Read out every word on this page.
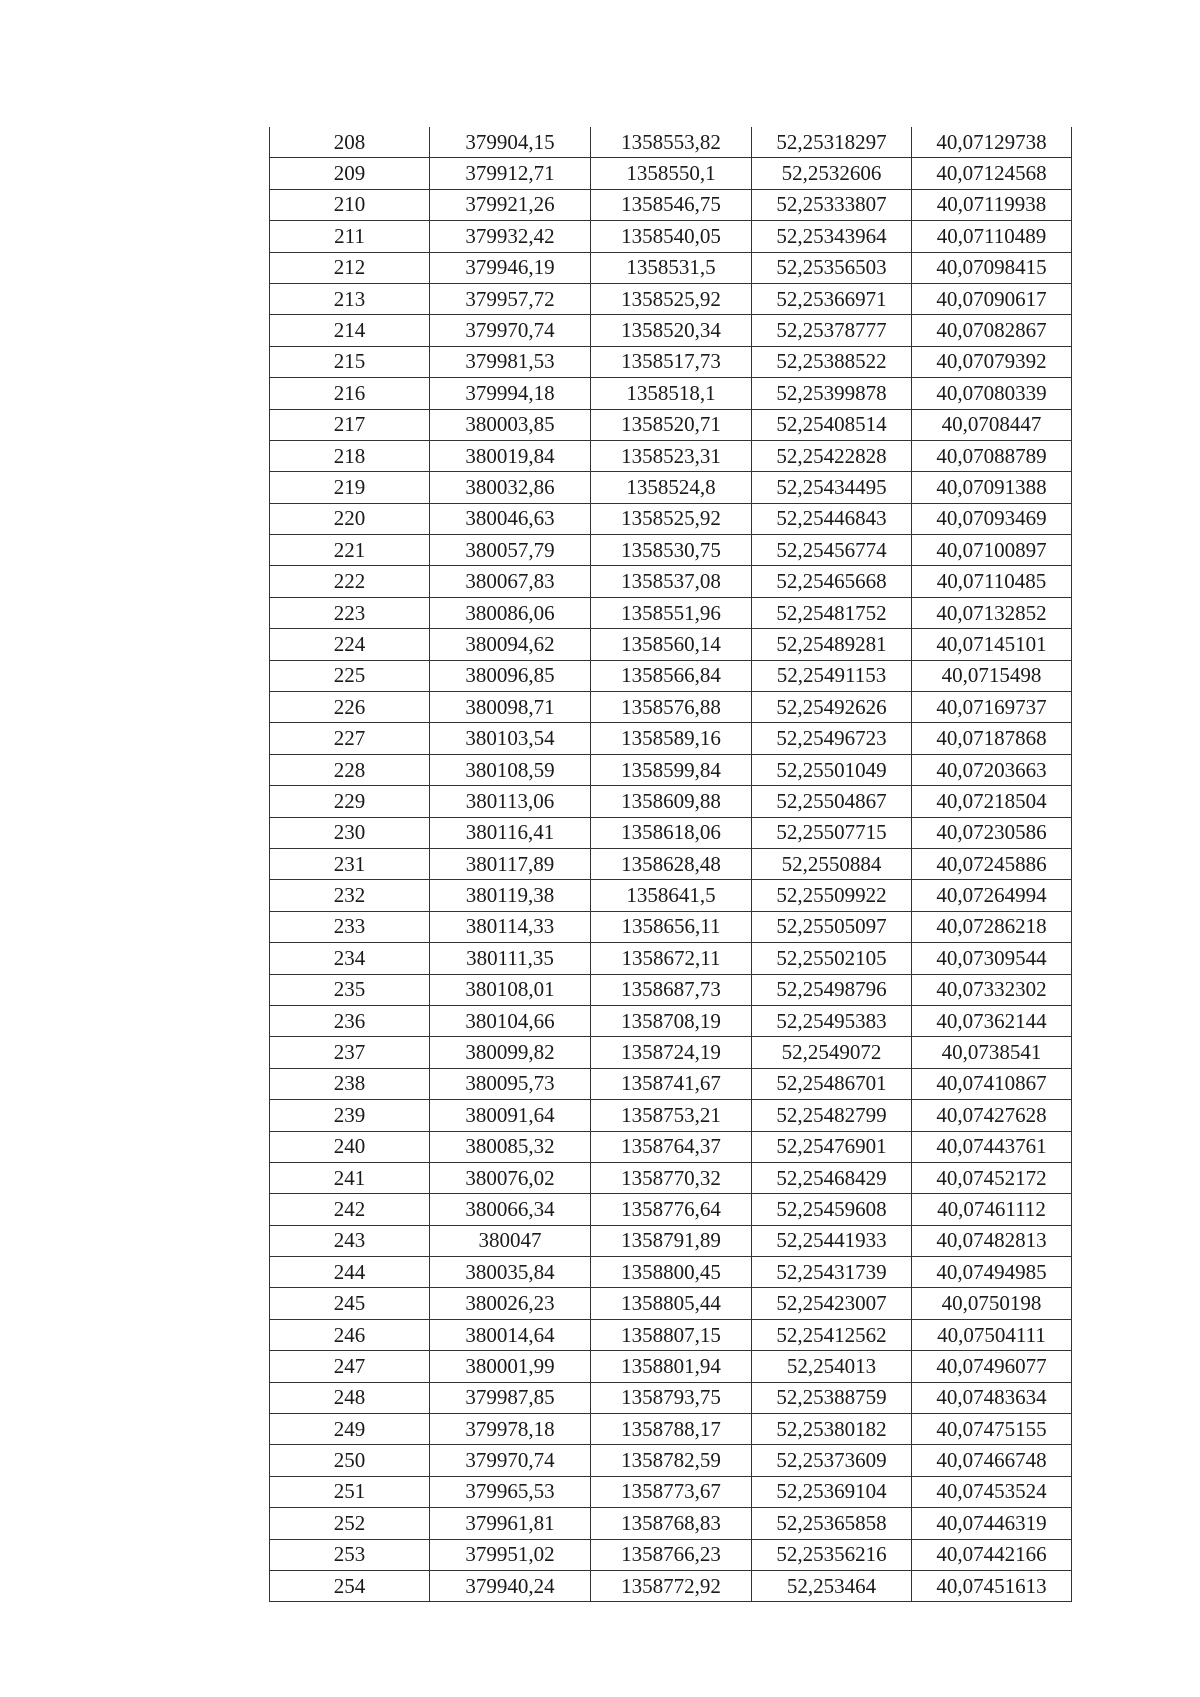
208	379904,15	1358553,82	52,25318297	40,07129738
209	379912,71	1358550,1	52,2532606	40,07124568
210	379921,26	1358546,75	52,25333807	40,07119938
211	379932,42	1358540,05	52,25343964	40,07110489
212	379946,19	1358531,5	52,25356503	40,07098415
213	379957,72	1358525,92	52,25366971	40,07090617
214	379970,74	1358520,34	52,25378777	40,07082867
215	379981,53	1358517,73	52,25388522	40,07079392
216	379994,18	1358518,1	52,25399878	40,07080339
217	380003,85	1358520,71	52,25408514	40,0708447
218	380019,84	1358523,31	52,25422828	40,07088789
219	380032,86	1358524,8	52,25434495	40,07091388
220	380046,63	1358525,92	52,25446843	40,07093469
221	380057,79	1358530,75	52,25456774	40,07100897
222	380067,83	1358537,08	52,25465668	40,07110485
223	380086,06	1358551,96	52,25481752	40,07132852
224	380094,62	1358560,14	52,25489281	40,07145101
225	380096,85	1358566,84	52,25491153	40,0715498
226	380098,71	1358576,88	52,25492626	40,07169737
227	380103,54	1358589,16	52,25496723	40,07187868
228	380108,59	1358599,84	52,25501049	40,07203663
229	380113,06	1358609,88	52,25504867	40,07218504
230	380116,41	1358618,06	52,25507715	40,07230586
231	380117,89	1358628,48	52,2550884	40,07245886
232	380119,38	1358641,5	52,25509922	40,07264994
233	380114,33	1358656,11	52,25505097	40,07286218
234	380111,35	1358672,11	52,25502105	40,07309544
235	380108,01	1358687,73	52,25498796	40,07332302
236	380104,66	1358708,19	52,25495383	40,07362144
237	380099,82	1358724,19	52,2549072	40,0738541
238	380095,73	1358741,67	52,25486701	40,07410867
239	380091,64	1358753,21	52,25482799	40,07427628
240	380085,32	1358764,37	52,25476901	40,07443761
241	380076,02	1358770,32	52,25468429	40,07452172
242	380066,34	1358776,64	52,25459608	40,07461112
243	380047	1358791,89	52,25441933	40,07482813
244	380035,84	1358800,45	52,25431739	40,07494985
245	380026,23	1358805,44	52,25423007	40,0750198
246	380014,64	1358807,15	52,25412562	40,07504111
247	380001,99	1358801,94	52,254013	40,07496077
248	379987,85	1358793,75	52,25388759	40,07483634
249	379978,18	1358788,17	52,25380182	40,07475155
250	379970,74	1358782,59	52,25373609	40,07466748
251	379965,53	1358773,67	52,25369104	40,07453524
252	379961,81	1358768,83	52,25365858	40,07446319
253	379951,02	1358766,23	52,25356216	40,07442166
254	379940,24	1358772,92	52,253464	40,07451613
